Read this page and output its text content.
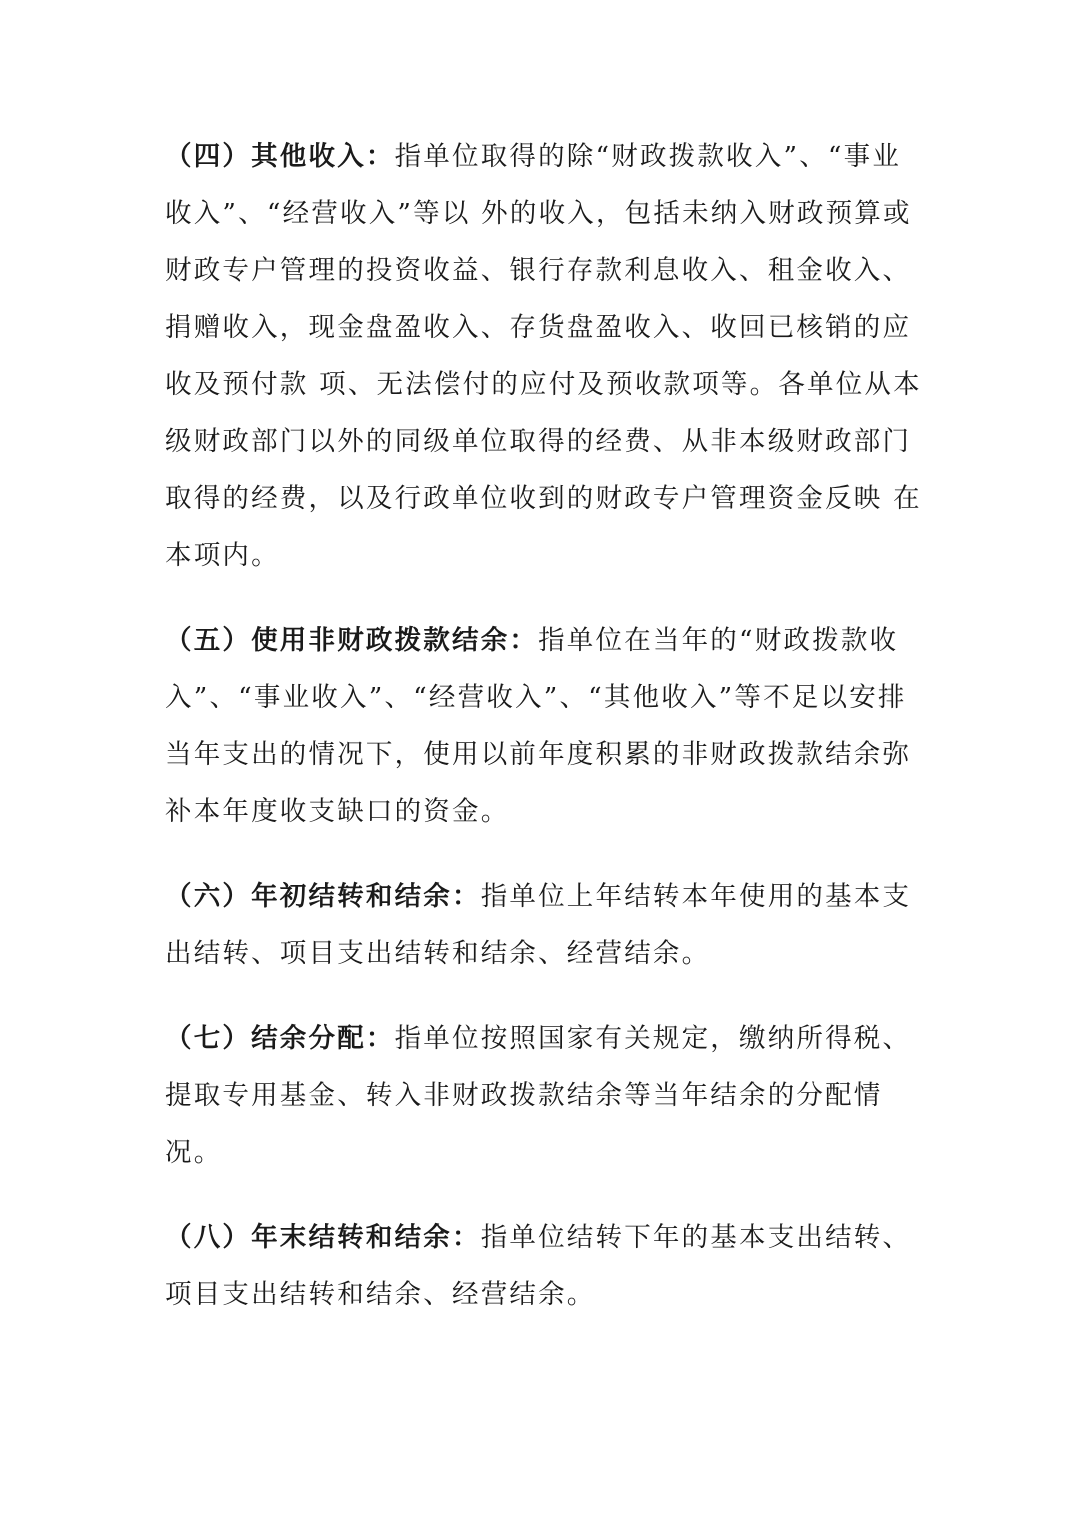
（四）其他收入：指单位取得的除“财政拨款收入”、“事业收入”、“经营收入”等以 外的收入，包括未纳入财政预算或财政专户管理的投资收益、银行存款利息收入、租金收入、捐赠收入，现金盘盈收入、存货盘盈收入、收回已核销的应收及预付款 项、无法偿付的应付及预收款项等。各单位从本级财政部门以外的同级单位取得的经费、从非本级财政部门取得的经费，以及行政单位收到的财政专户管理资金反映 在本项内。

（五）使用非财政拨款结余：指单位在当年的“财政拨款收入”、“事业收入”、“经营收入”、“其他收入”等不足以安排当年支出的情况下，使用以前年度积累的非财政拨款结余弥补本年度收支缺口的资金。

（六）年初结转和结余：指单位上年结转本年使用的基本支出结转、项目支出结转和结余、经营结余。

（七）结余分配：指单位按照国家有关规定，缴纳所得税、提取专用基金、转入非财政拨款结余等当年结余的分配情况。

（八）年末结转和结余：指单位结转下年的基本支出结转、项目支出结转和结余、经营结余。
